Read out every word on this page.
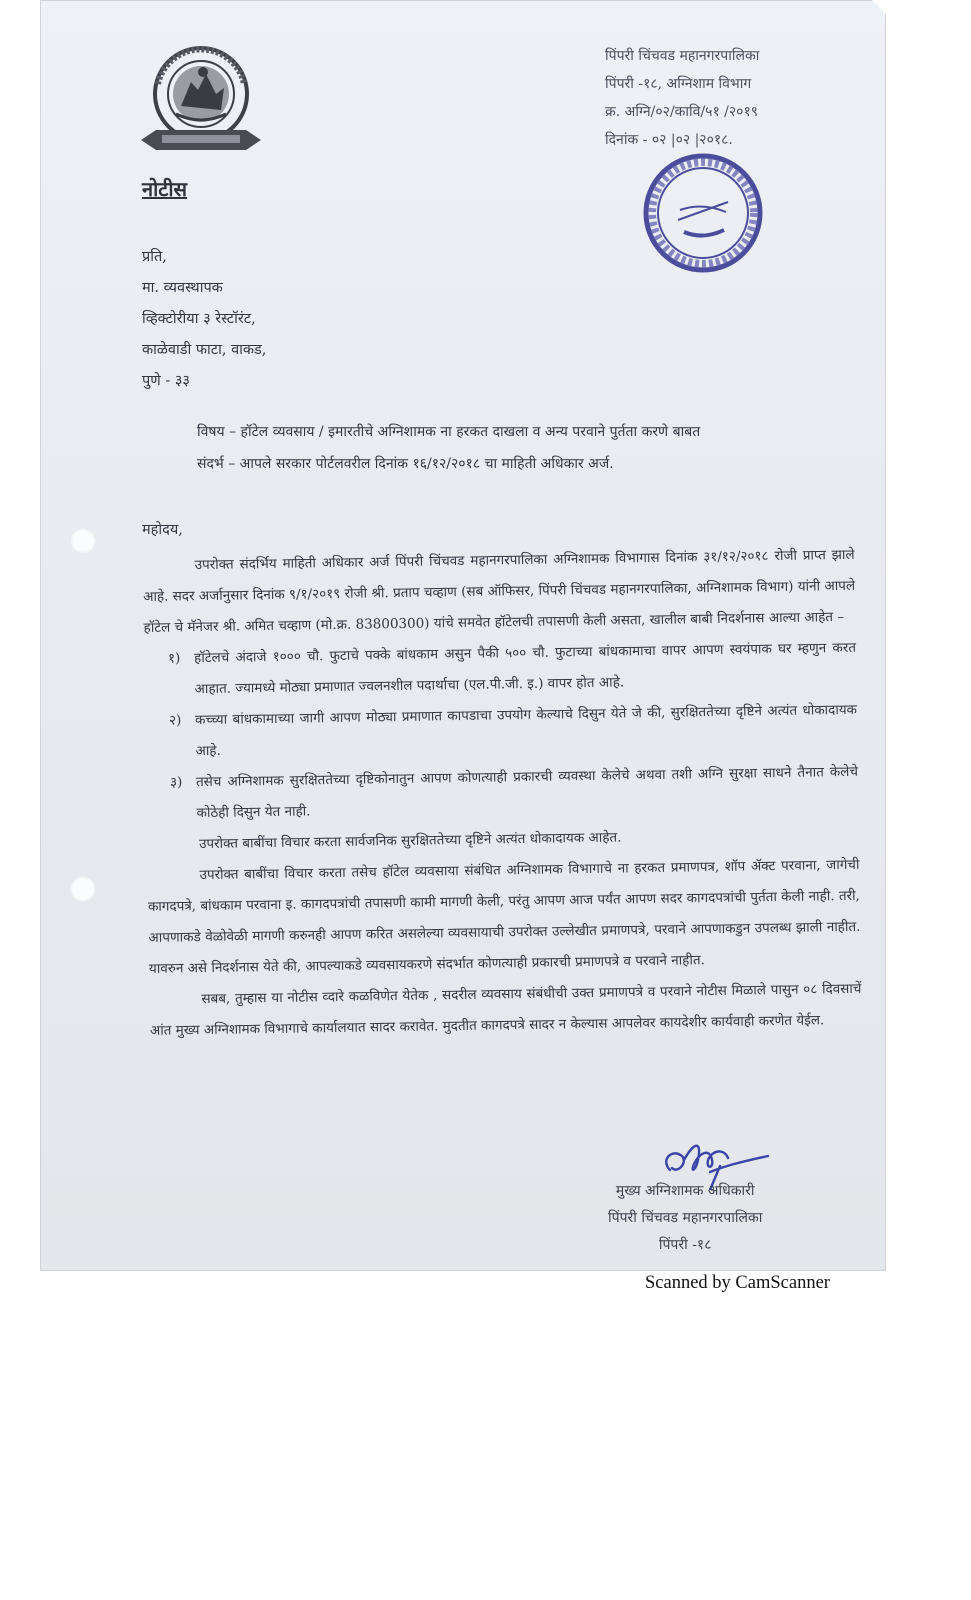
पिंपरी चिंचवड महानगरपालिका
पिंपरी -१८, अग्निशाम विभाग
क्र. अग्नि/०२/कावि/५१ /२०१९
दिनांक - ०२ |०२ |२०१८.
नोटीस
प्रति,
मा. व्यवस्थापक
व्हिक्टोरीया ३ रेस्टॉरंट,
काळेवाडी फाटा, वाकड,
पुणे - ३३
विषय – हॉटेल व्यवसाय / इमारतीचे अग्निशामक ना हरकत दाखला व अन्य परवाने पुर्तता करणे बाबत
संदर्भ – आपले सरकार पोर्टलवरील दिनांक १६/१२/२०१८ चा माहिती अधिकार अर्ज.
महोदय,

उपरोक्त संदर्भिय माहिती अधिकार अर्ज पिंपरी चिंचवड महानगरपालिका अग्निशामक विभागास दिनांक ३१/१२/२०१८ रोजी प्राप्त झाले आहे. सदर अर्जानुसार दिनांक ९/१/२०१९ रोजी श्री. प्रताप चव्हाण (सब ऑफिसर, पिंपरी चिंचवड महानगरपालिका, अग्निशामक विभाग) यांनी आपले हॉटेल चे मॅनेजर श्री. अमित चव्हाण (मो.क्र. 83800300) यांचे समवेत हॉटेलची तपासणी केली असता, खालील बाबी निदर्शनास आल्या आहेत –

१) हॉटेलचे अंदाजे १००० चौ. फुटाचे पक्के बांधकाम असुन पैकी ५०० चौ. फुटाच्या बांधकामाचा वापर आपण स्वयंपाक घर म्हणुन करत आहात. ज्यामध्ये मोठ्या प्रमाणात ज्वलनशील पदार्थाचा (एल.पी.जी. इ.) वापर होत आहे.
२) कच्च्या बांधकामाच्या जागी आपण मोठ्या प्रमाणात कापडाचा उपयोग केल्याचे दिसुन येते जे की, सुरक्षिततेच्या दृष्टिने अत्यंत धोकादायक आहे.
३) तसेच अग्निशामक सुरक्षिततेच्या दृष्टिकोनातुन आपण कोणत्याही प्रकारची व्यवस्था केलेचे अथवा तशी अग्नि सुरक्षा साधने तैनात केलेचे कोठेही दिसुन येत नाही.

उपरोक्त बाबींचा विचार करता सार्वजनिक सुरक्षिततेच्या दृष्टिने अत्यंत धोकादायक आहेत.

उपरोक्त बाबींचा विचार करता तसेच हॉटेल व्यवसाया संबंधित अग्निशामक विभागाचे ना हरकत प्रमाणपत्र, शॉप ॲक्ट परवाना, जागेची कागदपत्रे, बांधकाम परवाना इ. कागदपत्रांची तपासणी कामी मागणी केली, परंतु आपण आज पर्यंत आपण सदर कागदपत्रांची पुर्तता केली नाही. तरी, आपणाकडे वेळोवेळी मागणी करुनही आपण करित असलेल्या व्यवसायाची उपरोक्त उल्लेखीत प्रमाणपत्रे, परवाने आपणाकडुन उपलब्ध झाली नाहीत. यावरुन असे निदर्शनास येते की, आपल्याकडे व्यवसायकरणे संदर्भात कोणत्याही प्रकारची प्रमाणपत्रे व परवाने नाहीत.

सबब, तुम्हास या नोटीस व्दारे कळविणेत येतेक , सदरील व्यवसाय संबंधीची उक्त प्रमाणपत्रे व परवाने नोटीस मिळाले पासुन ०८ दिवसाचें आंत मुख्य अग्निशामक विभागाचे कार्यालयात सादर करावेत. मुदतीत कागदपत्रे सादर न केल्यास आपलेवर कायदेशीर कार्यवाही करणेत येईल.

मुख्य अग्निशामक अधिकारी
पिंपरी चिंचवड महानगरपालिका
पिंपरी -१८
Scanned by CamScanner
